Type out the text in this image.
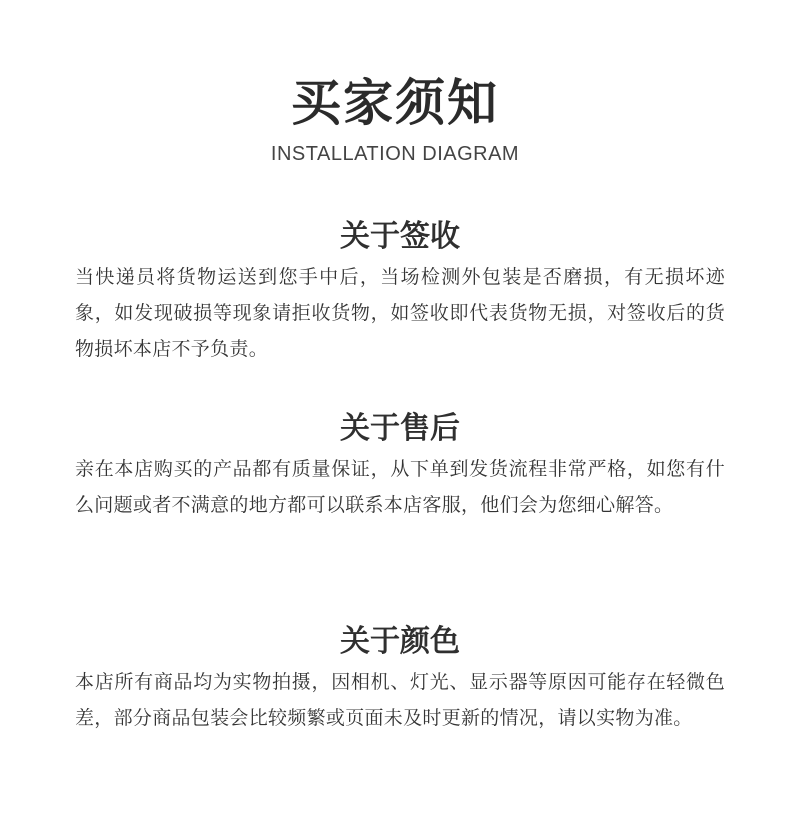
买家须知
INSTALLATION DIAGRAM
关于签收
当快递员将货物运送到您手中后，当场检测外包装是否磨损，有无损坏迹象，如发现破损等现象请拒收货物，如签收即代表货物无损，对签收后的货物损坏本店不予负责。
关于售后
亲在本店购买的产品都有质量保证，从下单到发货流程非常严格，如您有什么问题或者不满意的地方都可以联系本店客服，他们会为您细心解答。
关于颜色
本店所有商品均为实物拍摄，因相机、灯光、显示器等原因可能存在轻微色差，部分商品包装会比较频繁或页面未及时更新的情况，请以实物为准。
